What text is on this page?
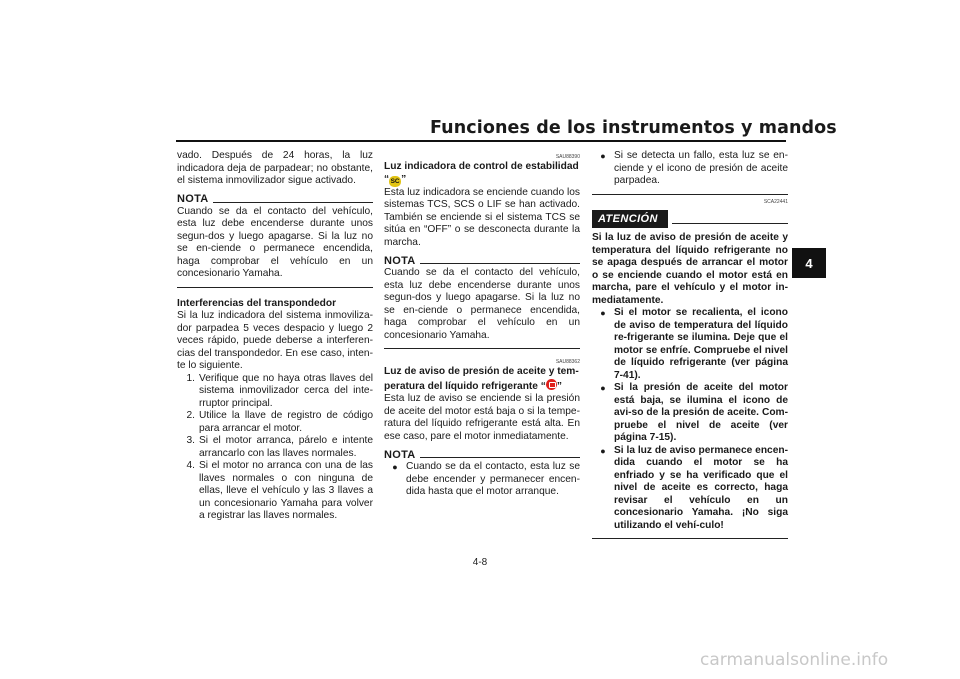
Funciones de los instrumentos y mandos
4

vado. Después de 24 horas, la luz indicadora deja de parpadear; no obstante, el sistema inmovilizador sigue activado.

NOTA

Cuando se da el contacto del vehículo, esta luz debe encenderse durante unos segun-dos y luego apagarse. Si la luz no se en-ciende o permanece encendida, haga comprobar el vehículo en un concesionario Yamaha.

Interferencias del transpondedor

Si la luz indicadora del sistema inmoviliza-dor parpadea 5 veces despacio y luego 2 veces rápido, puede deberse a interferen-cias del transpondedor. En ese caso, inten-te lo siguiente.

1. Verifique que no haya otras llaves del sistema inmovilizador cerca del inte-rruptor principal.
2. Utilice la llave de registro de código para arrancar el motor.
3. Si el motor arranca, párelo e intente arrancarlo con las llaves normales.
4. Si el motor no arranca con una de las llaves normales o con ninguna de ellas, lleve el vehículo y las 3 llaves a un concesionario Yamaha para volver a registrar las llaves normales.
SAU88390
Luz indicadora de control de estabilidad
“SC”

Esta luz indicadora se enciende cuando los sistemas TCS, SCS o LIF se han activado. También se enciende si el sistema TCS se sitúa en “OFF” o se desconecta durante la marcha.

NOTA

Cuando se da el contacto del vehículo, esta luz debe encenderse durante unos segun-dos y luego apagarse. Si la luz no se en-ciende o permanece encendida, haga comprobar el vehículo en un concesionario Yamaha.

SAU88362
Luz de aviso de presión de aceite y tem-peratura del líquido refrigerante “ ”

Esta luz de aviso se enciende si la presión de aceite del motor está baja o si la tempe-ratura del líquido refrigerante está alta. En ese caso, pare el motor inmediatamente.

NOTA
● Cuando se da el contacto, esta luz se debe encender y permanecer encen-dida hasta que el motor arranque.
● Si se detecta un fallo, esta luz se en-ciende y el icono de presión de aceite parpadea.
SCA22441
ATENCIÓN

Si la luz de aviso de presión de aceite y temperatura del líquido refrigerante no se apaga después de arrancar el motor o se enciende cuando el motor está en marcha, pare el vehículo y el motor in-mediatamente.

● Si el motor se recalienta, el icono de aviso de temperatura del líquido re-frigerante se ilumina. Deje que el motor se enfríe. Compruebe el nivel de líquido refrigerante (ver página 7-41).
● Si la presión de aceite del motor está baja, se ilumina el icono de avi-so de la presión de aceite. Com-pruebe el nivel de aceite (ver página 7-15).
● Si la luz de aviso permanece encen-dida cuando el motor se ha enfriado y se ha verificado que el nivel de aceite es correcto, haga revisar el vehículo en un concesionario Yamaha. ¡No siga utilizando el vehí-culo!
4-8
carmanualsonline.info
